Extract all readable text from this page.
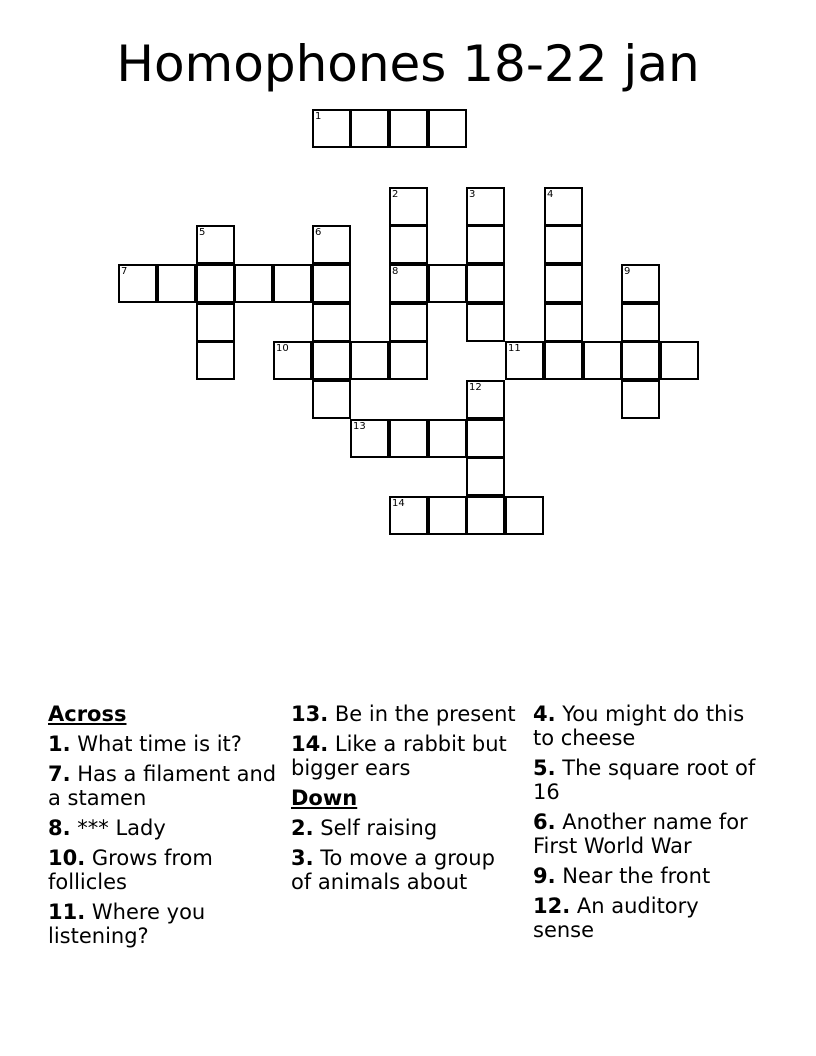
Homophones 18-22 jan
1
2	3	4
5	6
7	8	9
10	11
12
13
14
Across
1. What time is it?
7. Has a filament and a stamen
8. *** Lady
10. Grows from follicles
11. Where you listening?
13. Be in the present
14. Like a rabbit but bigger ears
Down
2. Self raising
3. To move a group of animals about
4. You might do this to cheese
5. The square root of 16
6. Another name for First World War
9. Near the front
12. An auditory sense
